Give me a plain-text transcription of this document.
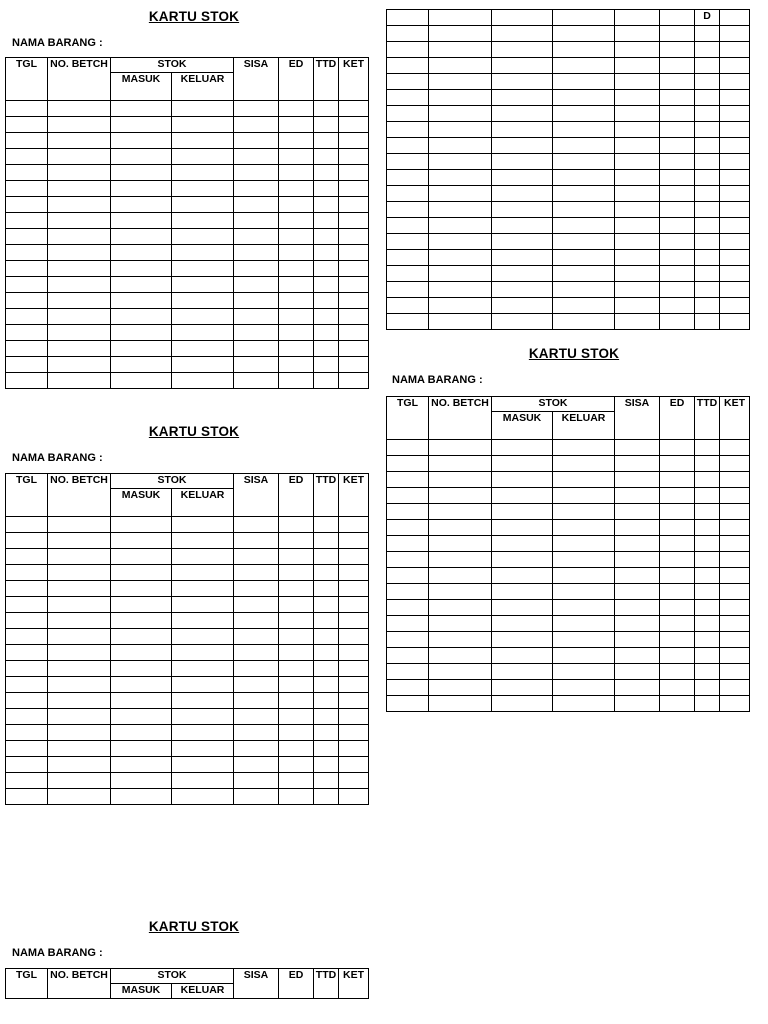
KARTU STOK
NAMA BARANG :
TGL	NO. BETCH	STOK		SISA	ED	TTD	KET
		MASUK	KELUAR				

KARTU STOK
NAMA BARANG :
TGL	NO. BETCH	STOK		SISA	ED	TTD	KET
		MASUK	KELUAR				

KARTU STOK
NAMA BARANG :
TGL	NO. BETCH	STOK		SISA	ED	TTD	KET
		MASUK	KELUAR				
						D	

KARTU STOK
NAMA BARANG :
TGL	NO. BETCH	STOK		SISA	ED	TTD	KET
		MASUK	KELUAR				
